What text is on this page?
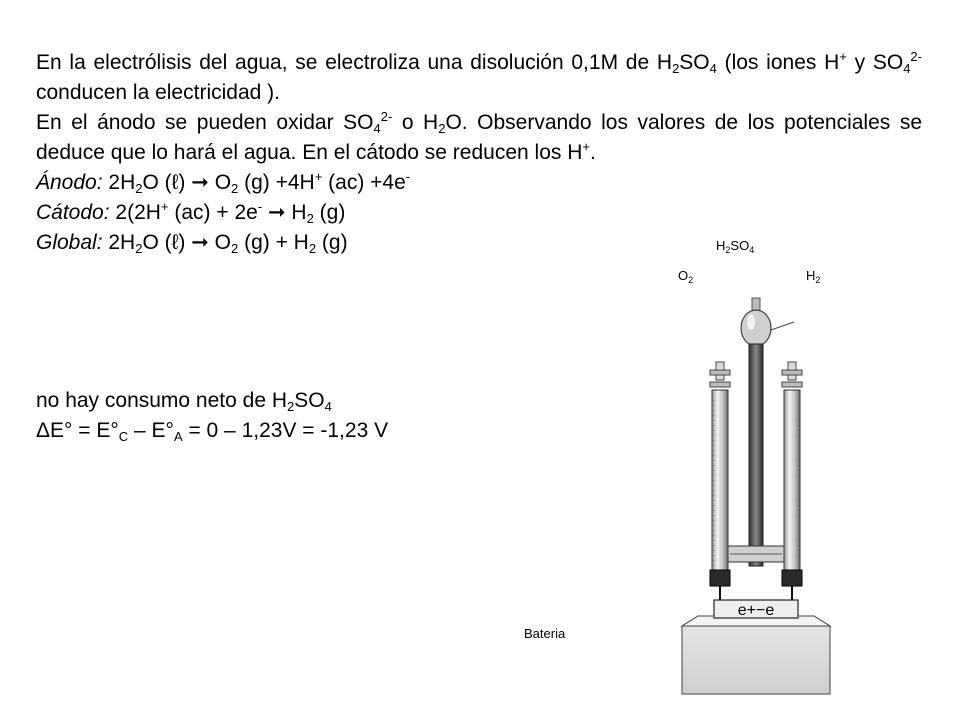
En la electrólisis del agua, se electroliza una disolución 0,1M de $H_2SO_4$ (los iones H+ y $SO_4^{2-}$ conducen la electricidad ).

En el ánodo se pueden oxidar $SO_4^{2-}$ o $H_2O$. Observando los valores de los potenciales se deduce que lo hará el agua. En el cátodo se reducen los H+.

Ánodo: $2H_2O$ (ℓ) ➞ $O_2$ (g) +4H+ (ac) +4e-

Cátodo: 2(2H+ (ac) + 2e- ➞ $H_2$ (g)

Global: $2H_2O$ (ℓ) ➞ $O_2$ $(g) + H_2$ (g)

no hay consumo neto de $H_2SO_4$

$\Delta E^\circ = E^\circ_C - E^\circ_A = 0 - 1,23V = -1,23$ V

$H_2SO_4$
$O_2$	$H_2$
Bateria
e+−e
